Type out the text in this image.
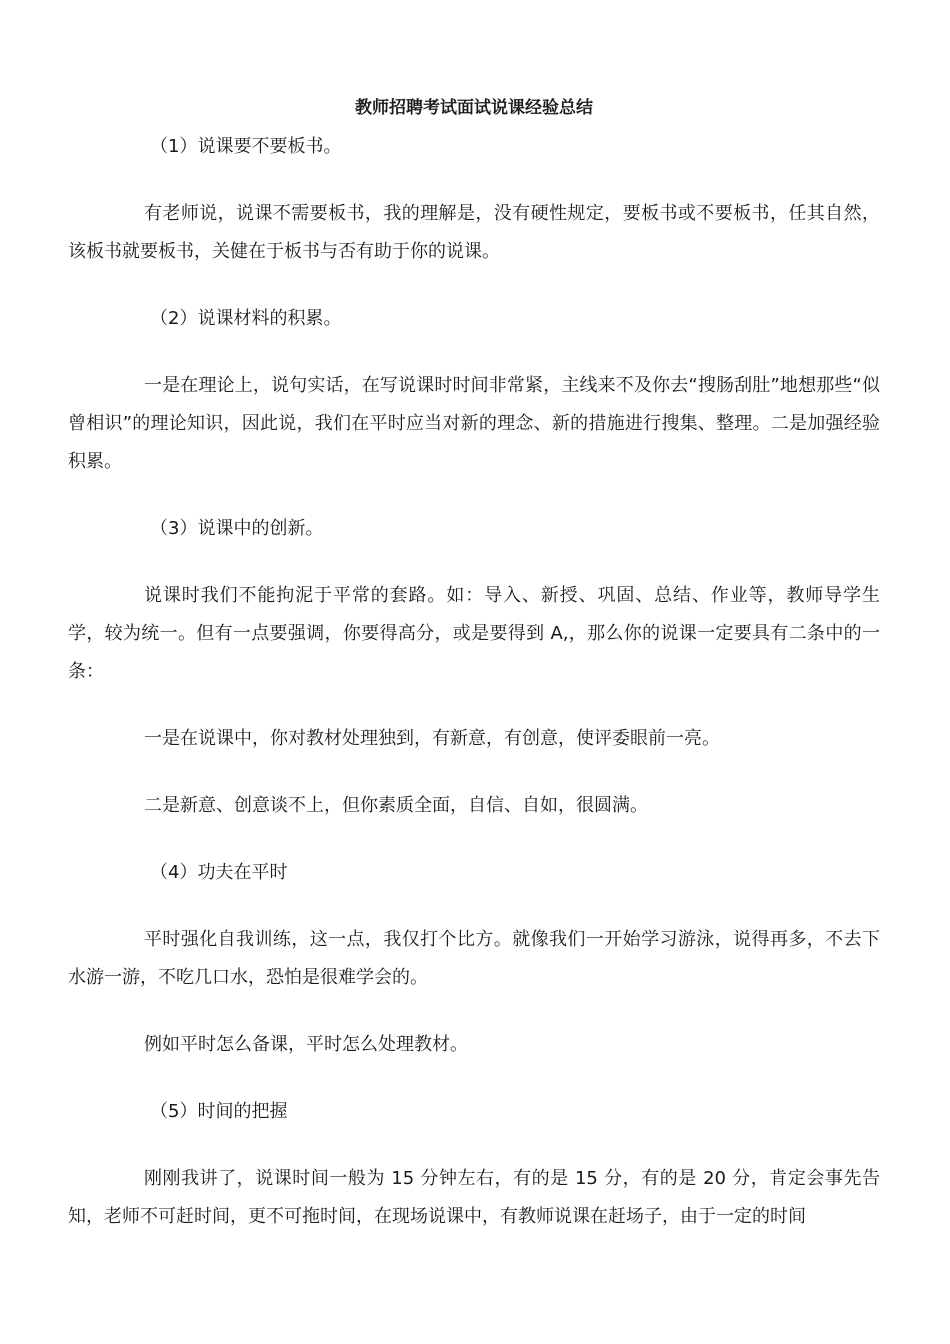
教师招聘考试面试说课经验总结

（1）说课要不要板书。

有老师说，说课不需要板书，我的理解是，没有硬性规定，要板书或不要板书，任其自然，该板书就要板书，关健在于板书与否有助于你的说课。

（2）说课材料的积累。

一是在理论上，说句实话，在写说课时时间非常紧，主线来不及你去“搜肠刮肚”地想那些“似曾相识”的理论知识，因此说，我们在平时应当对新的理念、新的措施进行搜集、整理。二是加强经验积累。

（3）说课中的创新。

说课时我们不能拘泥于平常的套路。如：导入、新授、巩固、总结、作业等，教师导学生学，较为统一。但有一点要强调，你要得高分，或是要得到 A,，那么你的说课一定要具有二条中的一条：

一是在说课中，你对教材处理独到，有新意，有创意，使评委眼前一亮。

二是新意、创意谈不上，但你素质全面，自信、自如，很圆满。

（4）功夫在平时

平时强化自我训练，这一点，我仅打个比方。就像我们一开始学习游泳，说得再多，不去下水游一游，不吃几口水，恐怕是很难学会的。

例如平时怎么备课，平时怎么处理教材。

（5）时间的把握

刚刚我讲了，说课时间一般为 15 分钟左右，有的是 15 分，有的是 20 分，肯定会事先告知，老师不可赶时间，更不可拖时间，在现场说课中，有教师说课在赶场子，由于一定的时间
